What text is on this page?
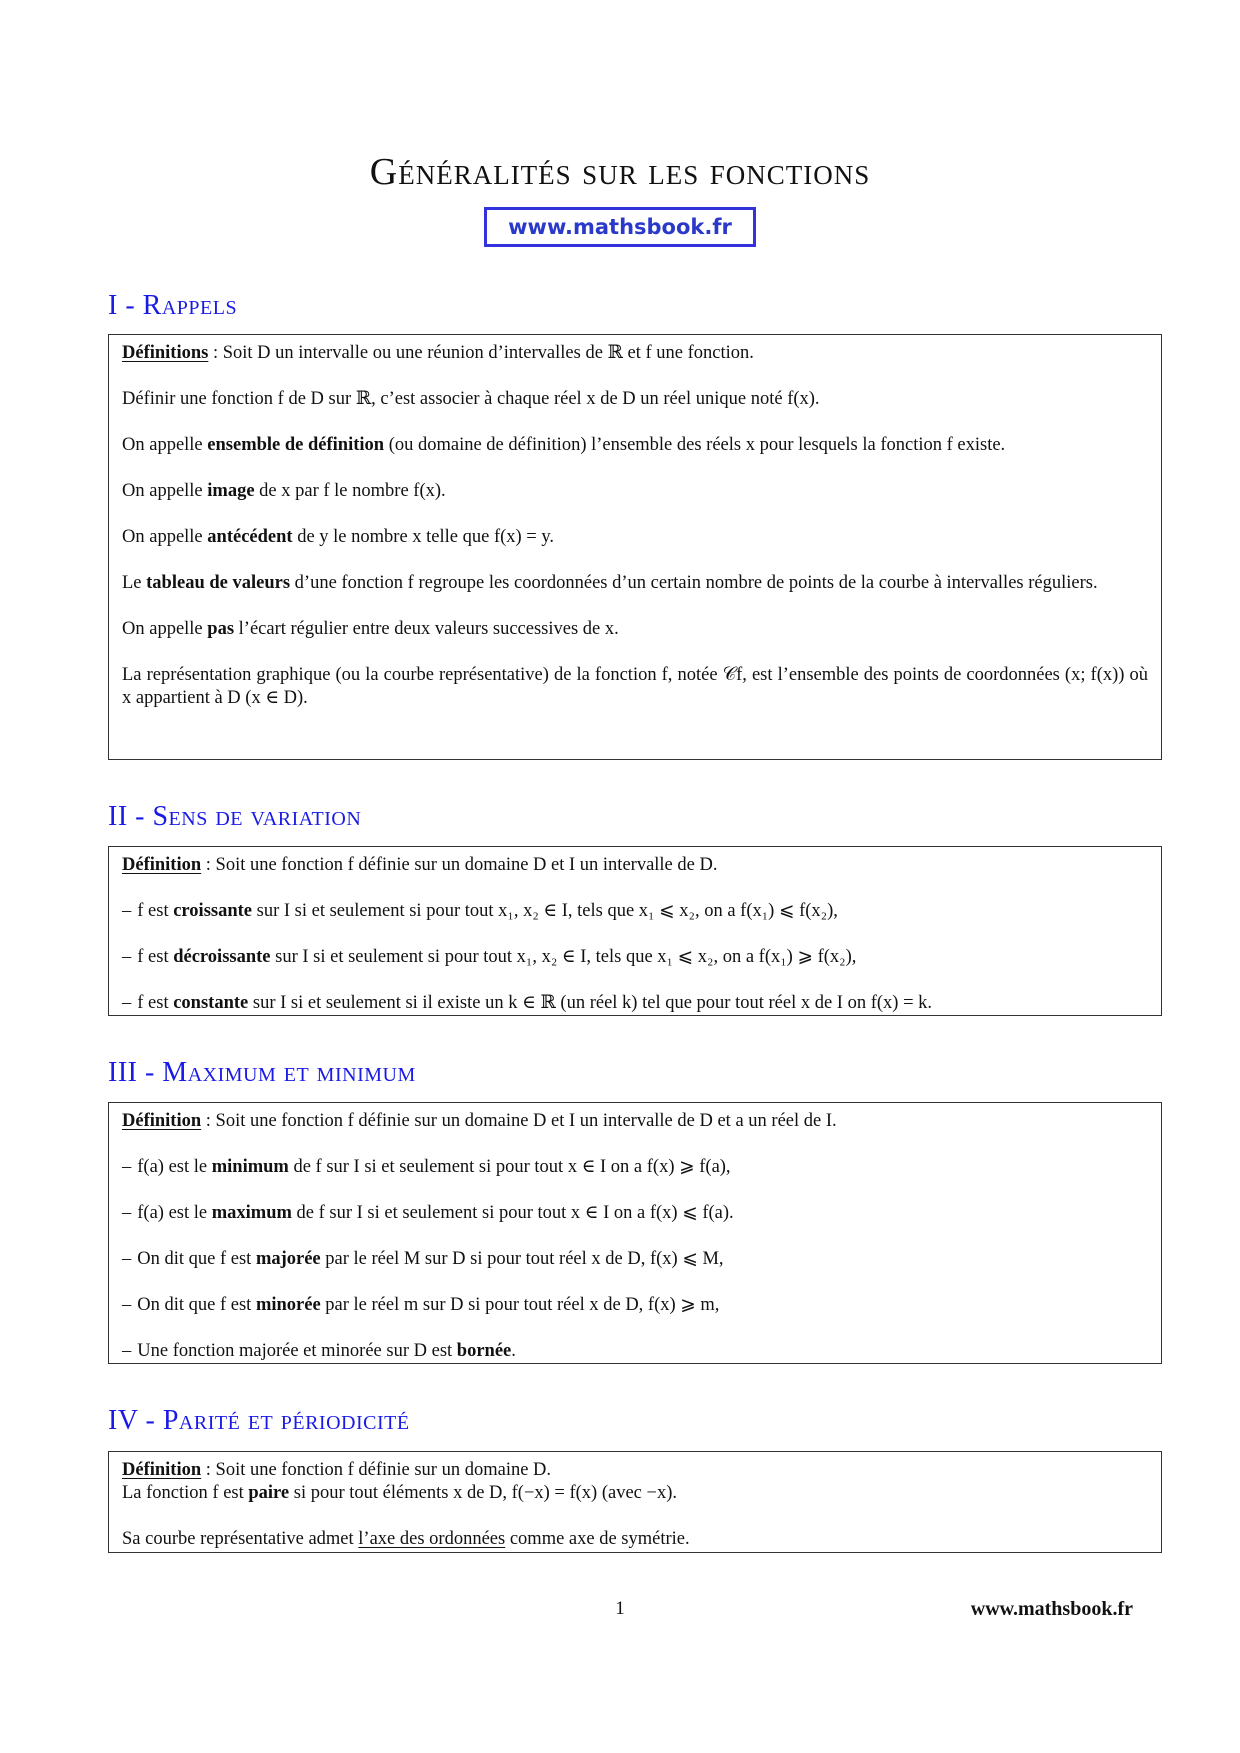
Généralités sur les fonctions
www.mathsbook.fr
I - Rappels

Définitions : Soit D un intervalle ou une réunion d’intervalles de ℝ et f une fonction.

Définir une fonction f de D sur ℝ, c’est associer à chaque réel x de D un réel unique noté f(x).

On appelle ensemble de définition (ou domaine de définition) l’ensemble des réels x pour lesquels la fonction f existe.

On appelle image de x par f le nombre f(x).

On appelle antécédent de y le nombre x telle que f(x) = y.

Le tableau de valeurs d’une fonction f regroupe les coordonnées d’un certain nombre de points de la courbe à intervalles réguliers.

On appelle pas l’écart régulier entre deux valeurs successives de x.

La représentation graphique (ou la courbe représentative) de la fonction f, notée 𝒞f, est l’ensemble des points de coordonnées (x; f(x)) où x appartient à D (x ∈ D).

II - Sens de variation

Définition : Soit une fonction f définie sur un domaine D et I un intervalle de D.

– f est croissante sur I si et seulement si pour tout x₁, x₂ ∈ I, tels que x₁ ⩽ x₂, on a f(x₁) ⩽ f(x₂),

– f est décroissante sur I si et seulement si pour tout x₁, x₂ ∈ I, tels que x₁ ⩽ x₂, on a f(x₁) ⩾ f(x₂),

– f est constante sur I si et seulement si il existe un k ∈ ℝ (un réel k) tel que pour tout réel x de I on f(x) = k.

III - Maximum et minimum

Définition : Soit une fonction f définie sur un domaine D et I un intervalle de D et a un réel de I.

– f(a) est le minimum de f sur I si et seulement si pour tout x ∈ I on a f(x) ⩾ f(a),

– f(a) est le maximum de f sur I si et seulement si pour tout x ∈ I on a f(x) ⩽ f(a).

– On dit que f est majorée par le réel M sur D si pour tout réel x de D, f(x) ⩽ M,

– On dit que f est minorée par le réel m sur D si pour tout réel x de D, f(x) ⩾ m,

– Une fonction majorée et minorée sur D est bornée.

IV - Parité et périodicité
Définition : Soit une fonction f définie sur un domaine D.

La fonction f est paire si pour tout éléments x de D, f(−x) = f(x) (avec −x).

Sa courbe représentative admet l’axe des ordonnées comme axe de symétrie.

1	www.mathsbook.fr
